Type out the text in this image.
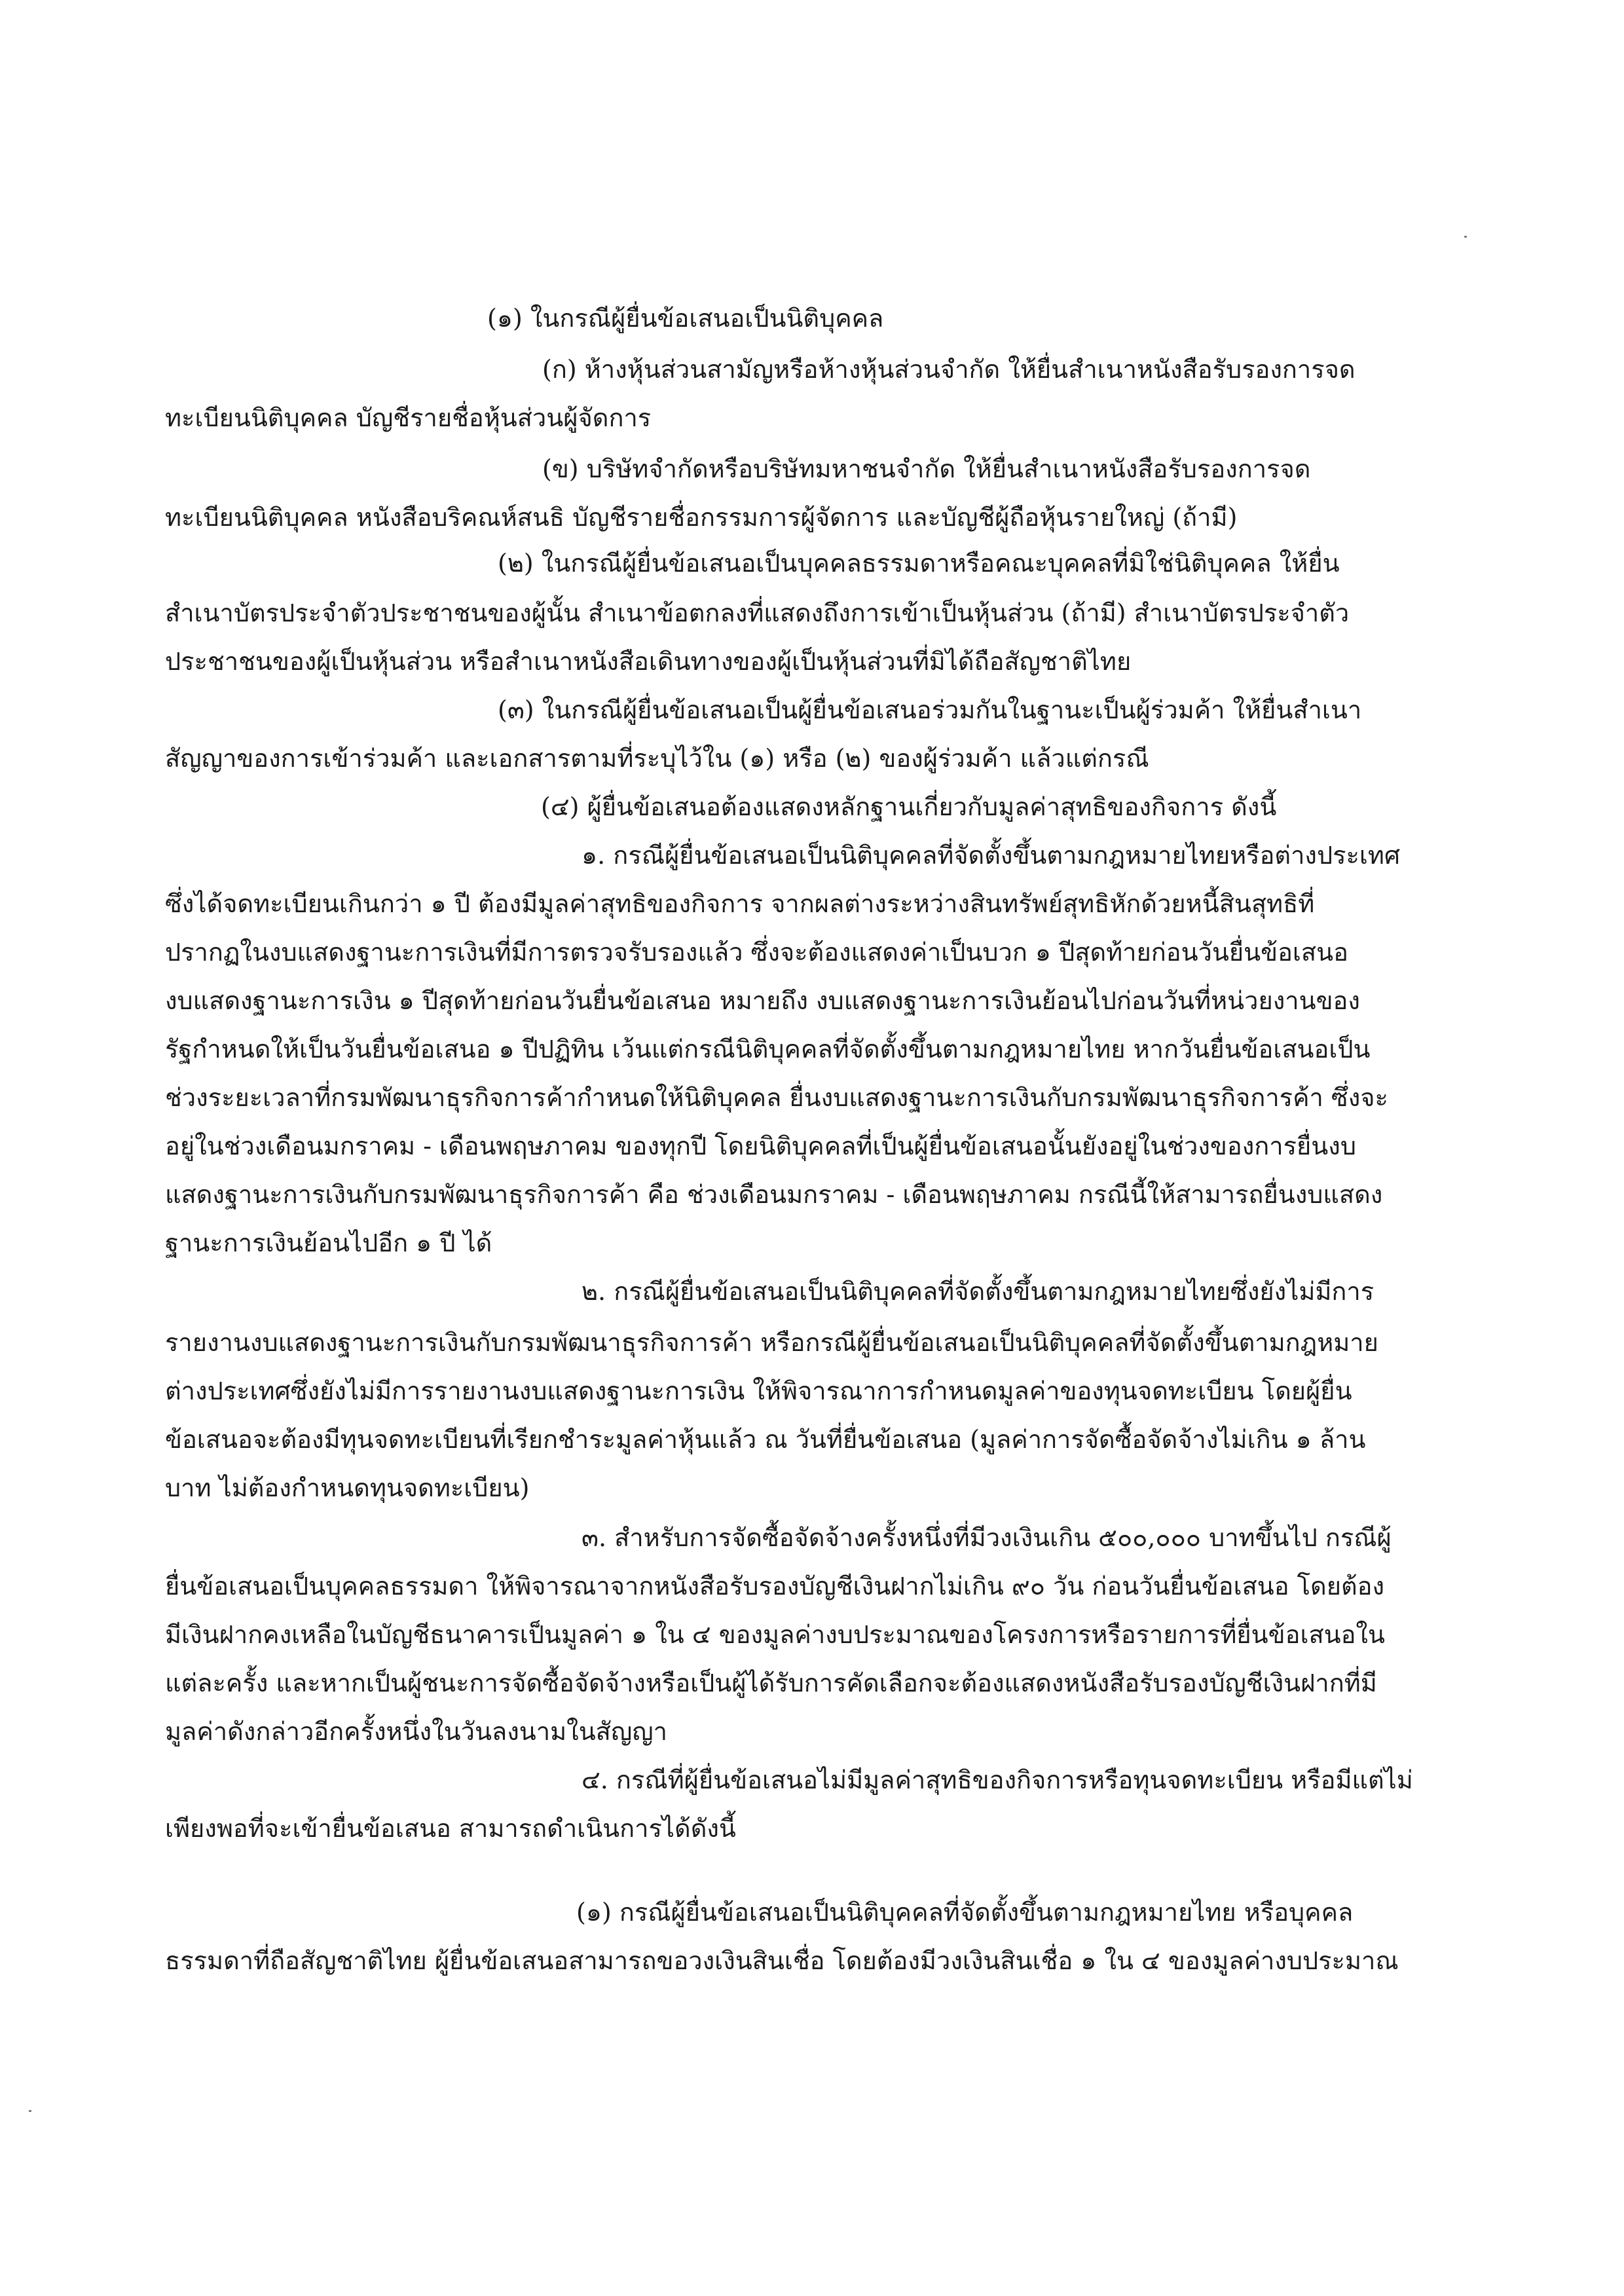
(๑) ในกรณีผู้ยื่นข้อเสนอเป็นนิติบุคคล

(ก) ห้างหุ้นส่วนสามัญหรือห้างหุ้นส่วนจำกัด ให้ยื่นสำเนาหนังสือรับรองการจด

ทะเบียนนิติบุคคล บัญชีรายชื่อหุ้นส่วนผู้จัดการ

(ข) บริษัทจำกัดหรือบริษัทมหาชนจำกัด ให้ยื่นสำเนาหนังสือรับรองการจด

ทะเบียนนิติบุคคล หนังสือบริคณห์สนธิ บัญชีรายชื่อกรรมการผู้จัดการ และบัญชีผู้ถือหุ้นรายใหญ่ (ถ้ามี)

(๒) ในกรณีผู้ยื่นข้อเสนอเป็นบุคคลธรรมดาหรือคณะบุคคลที่มิใช่นิติบุคคล ให้ยื่น

สำเนาบัตรประจำตัวประชาชนของผู้นั้น สำเนาข้อตกลงที่แสดงถึงการเข้าเป็นหุ้นส่วน (ถ้ามี) สำเนาบัตรประจำตัว

ประชาชนของผู้เป็นหุ้นส่วน หรือสำเนาหนังสือเดินทางของผู้เป็นหุ้นส่วนที่มิได้ถือสัญชาติไทย

(๓) ในกรณีผู้ยื่นข้อเสนอเป็นผู้ยื่นข้อเสนอร่วมกันในฐานะเป็นผู้ร่วมค้า ให้ยื่นสำเนา

สัญญาของการเข้าร่วมค้า และเอกสารตามที่ระบุไว้ใน (๑) หรือ (๒) ของผู้ร่วมค้า แล้วแต่กรณี

(๔) ผู้ยื่นข้อเสนอต้องแสดงหลักฐานเกี่ยวกับมูลค่าสุทธิของกิจการ ดังนี้

๑. กรณีผู้ยื่นข้อเสนอเป็นนิติบุคคลที่จัดตั้งขึ้นตามกฎหมายไทยหรือต่างประเทศ

ซึ่งได้จดทะเบียนเกินกว่า ๑ ปี ต้องมีมูลค่าสุทธิของกิจการ จากผลต่างระหว่างสินทรัพย์สุทธิหักด้วยหนี้สินสุทธิที่

ปรากฏในงบแสดงฐานะการเงินที่มีการตรวจรับรองแล้ว ซึ่งจะต้องแสดงค่าเป็นบวก ๑ ปีสุดท้ายก่อนวันยื่นข้อเสนอ

งบแสดงฐานะการเงิน ๑ ปีสุดท้ายก่อนวันยื่นข้อเสนอ หมายถึง งบแสดงฐานะการเงินย้อนไปก่อนวันที่หน่วยงานของ

รัฐกำหนดให้เป็นวันยื่นข้อเสนอ ๑ ปีปฏิทิน เว้นแต่กรณีนิติบุคคลที่จัดตั้งขึ้นตามกฎหมายไทย หากวันยื่นข้อเสนอเป็น

ช่วงระยะเวลาที่กรมพัฒนาธุรกิจการค้ากำหนดให้นิติบุคคล ยื่นงบแสดงฐานะการเงินกับกรมพัฒนาธุรกิจการค้า ซึ่งจะ

อยู่ในช่วงเดือนมกราคม - เดือนพฤษภาคม ของทุกปี โดยนิติบุคคลที่เป็นผู้ยื่นข้อเสนอนั้นยังอยู่ในช่วงของการยื่นงบ

แสดงฐานะการเงินกับกรมพัฒนาธุรกิจการค้า คือ ช่วงเดือนมกราคม - เดือนพฤษภาคม กรณีนี้ให้สามารถยื่นงบแสดง

ฐานะการเงินย้อนไปอีก ๑ ปี ได้

๒. กรณีผู้ยื่นข้อเสนอเป็นนิติบุคคลที่จัดตั้งขึ้นตามกฎหมายไทยซึ่งยังไม่มีการ

รายงานงบแสดงฐานะการเงินกับกรมพัฒนาธุรกิจการค้า หรือกรณีผู้ยื่นข้อเสนอเป็นนิติบุคคลที่จัดตั้งขึ้นตามกฎหมาย

ต่างประเทศซึ่งยังไม่มีการรายงานงบแสดงฐานะการเงิน ให้พิจารณาการกำหนดมูลค่าของทุนจดทะเบียน โดยผู้ยื่น

ข้อเสนอจะต้องมีทุนจดทะเบียนที่เรียกชำระมูลค่าหุ้นแล้ว ณ วันที่ยื่นข้อเสนอ (มูลค่าการจัดซื้อจัดจ้างไม่เกิน ๑ ล้าน

บาท ไม่ต้องกำหนดทุนจดทะเบียน)

๓. สำหรับการจัดซื้อจัดจ้างครั้งหนึ่งที่มีวงเงินเกิน ๕๐๐,๐๐๐ บาทขึ้นไป กรณีผู้

ยื่นข้อเสนอเป็นบุคคลธรรมดา ให้พิจารณาจากหนังสือรับรองบัญชีเงินฝากไม่เกิน ๙๐ วัน ก่อนวันยื่นข้อเสนอ โดยต้อง

มีเงินฝากคงเหลือในบัญชีธนาคารเป็นมูลค่า ๑ ใน ๔ ของมูลค่างบประมาณของโครงการหรือรายการที่ยื่นข้อเสนอใน

แต่ละครั้ง และหากเป็นผู้ชนะการจัดซื้อจัดจ้างหรือเป็นผู้ได้รับการคัดเลือกจะต้องแสดงหนังสือรับรองบัญชีเงินฝากที่มี

มูลค่าดังกล่าวอีกครั้งหนึ่งในวันลงนามในสัญญา

๔. กรณีที่ผู้ยื่นข้อเสนอไม่มีมูลค่าสุทธิของกิจการหรือทุนจดทะเบียน หรือมีแต่ไม่

เพียงพอที่จะเข้ายื่นข้อเสนอ สามารถดำเนินการได้ดังนี้

(๑) กรณีผู้ยื่นข้อเสนอเป็นนิติบุคคลที่จัดตั้งขึ้นตามกฎหมายไทย หรือบุคคล

ธรรมดาที่ถือสัญชาติไทย ผู้ยื่นข้อเสนอสามารถขอวงเงินสินเชื่อ โดยต้องมีวงเงินสินเชื่อ ๑ ใน ๔ ของมูลค่างบประมาณ
